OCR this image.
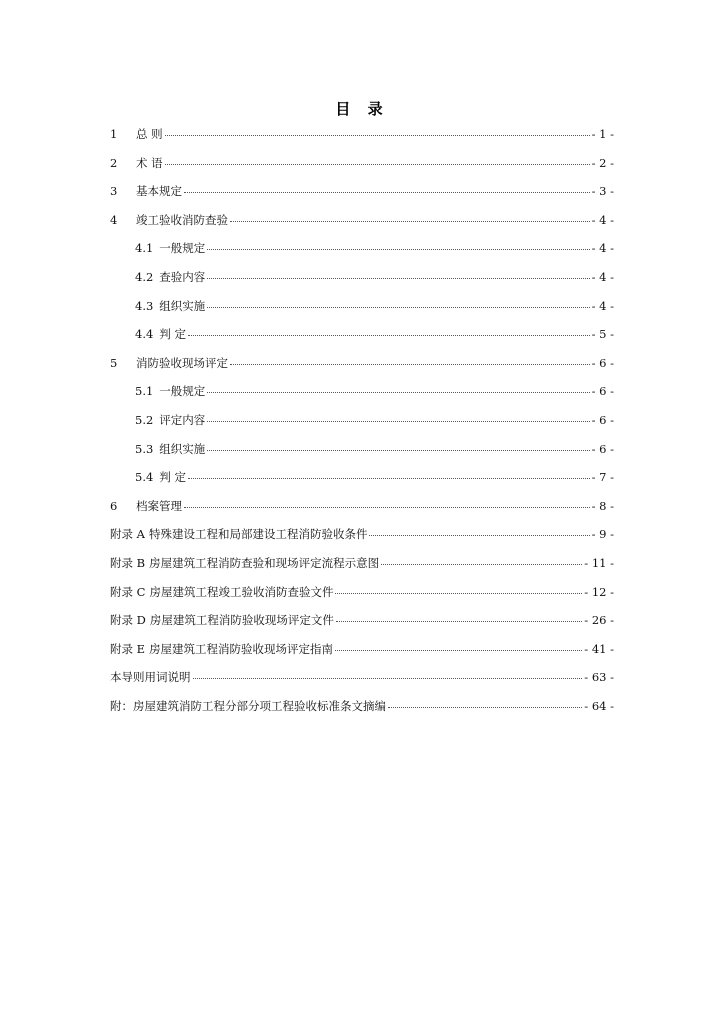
目 录
1	总 则	- 1 -
2	术 语	- 2 -
3	基本规定	- 3 -
4	竣工验收消防查验	- 4 -
4.1 一般规定	- 4 -
4.2 查验内容	- 4 -
4.3 组织实施	- 4 -
4.4 判 定	- 5 -
5	消防验收现场评定	- 6 -
5.1 一般规定	- 6 -
5.2 评定内容	- 6 -
5.3 组织实施	- 6 -
5.4 判 定	- 7 -
6	档案管理	- 8 -
附录 A 特殊建设工程和局部建设工程消防验收条件	- 9 -
附录 B 房屋建筑工程消防查验和现场评定流程示意图	- 11 -
附录 C 房屋建筑工程竣工验收消防查验文件	- 12 -
附录 D 房屋建筑工程消防验收现场评定文件	- 26 -
附录 E 房屋建筑工程消防验收现场评定指南	- 41 -
本导则用词说明	- 63 -
附：房屋建筑消防工程分部分项工程验收标准条文摘编	- 64 -
